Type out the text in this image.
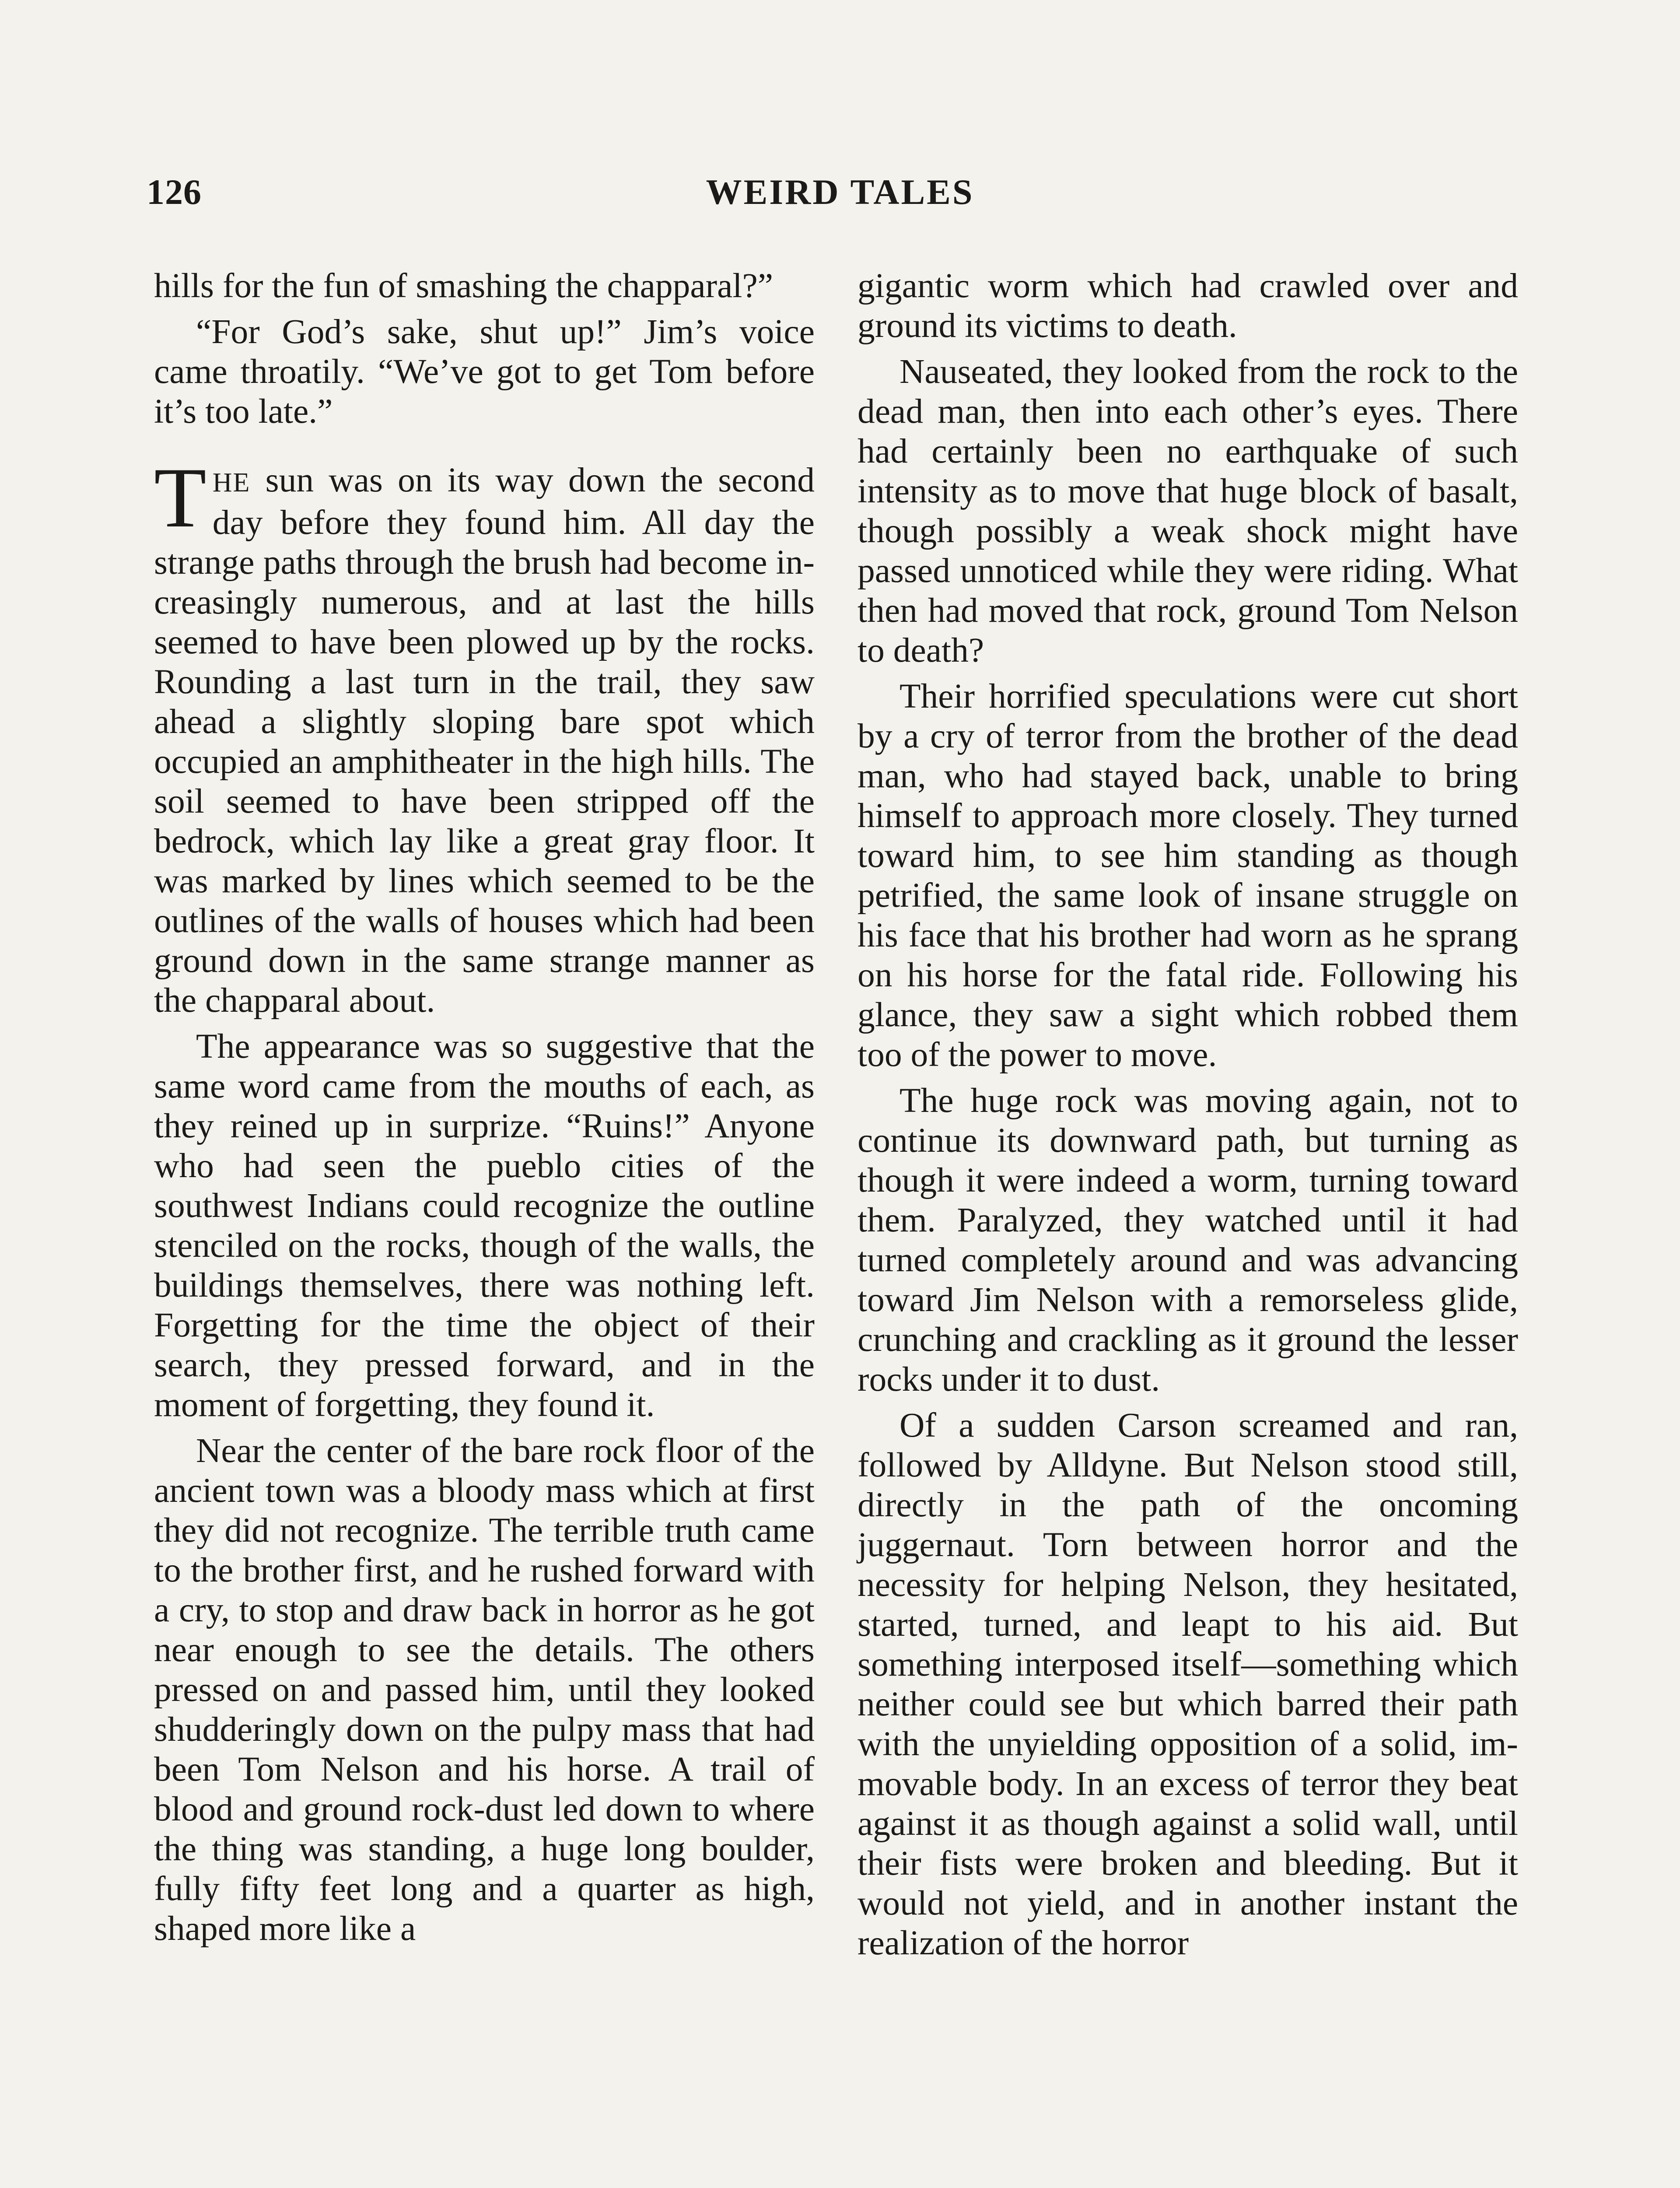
126	WEIRD TALES

hills for the fun of smashing the chapparal?”

“For God’s sake, shut up!” Jim’s voice came throatily. “We’ve got to get Tom before it’s too late.”

THE sun was on its way down the second day before they found him. All day the strange paths through the brush had become increasingly numerous, and at last the hills seemed to have been plowed up by the rocks. Rounding a last turn in the trail, they saw ahead a slightly sloping bare spot which occupied an amphitheater in the high hills. The soil seemed to have been stripped off the bedrock, which lay like a great gray floor. It was marked by lines which seemed to be the outlines of the walls of houses which had been ground down in the same strange manner as the chapparal about.

The appearance was so suggestive that the same word came from the mouths of each, as they reined up in surprize. “Ruins!” Anyone who had seen the pueblo cities of the southwest Indians could recognize the outline stenciled on the rocks, though of the walls, the buildings themselves, there was nothing left. Forgetting for the time the object of their search, they pressed forward, and in the moment of forgetting, they found it.

Near the center of the bare rock floor of the ancient town was a bloody mass which at first they did not recognize. The terrible truth came to the brother first, and he rushed forward with a cry, to stop and draw back in horror as he got near enough to see the details. The others pressed on and passed him, until they looked shudderingly down on the pulpy mass that had been Tom Nelson and his horse. A trail of blood and ground rock-dust led down to where the thing was standing, a huge long boulder, fully fifty feet long and a quarter as high, shaped more like a

gigantic worm which had crawled over and ground its victims to death.

Nauseated, they looked from the rock to the dead man, then into each other’s eyes. There had certainly been no earthquake of such intensity as to move that huge block of basalt, though possibly a weak shock might have passed unnoticed while they were riding. What then had moved that rock, ground Tom Nelson to death?

Their horrified speculations were cut short by a cry of terror from the brother of the dead man, who had stayed back, unable to bring himself to approach more closely. They turned toward him, to see him standing as though petrified, the same look of insane struggle on his face that his brother had worn as he sprang on his horse for the fatal ride. Following his glance, they saw a sight which robbed them too of the power to move.

The huge rock was moving again, not to continue its downward path, but turning as though it were indeed a worm, turning toward them. Paralyzed, they watched until it had turned completely around and was advancing toward Jim Nelson with a remorseless glide, crunching and crackling as it ground the lesser rocks under it to dust.

Of a sudden Carson screamed and ran, followed by Alldyne. But Nelson stood still, directly in the path of the oncoming juggernaut. Torn between horror and the necessity for helping Nelson, they hesitated, started, turned, and leapt to his aid. But something interposed itself—something which neither could see but which barred their path with the unyielding opposition of a solid, immovable body. In an excess of terror they beat against it as though against a solid wall, until their fists were broken and bleeding. But it would not yield, and in another instant the realization of the horror
